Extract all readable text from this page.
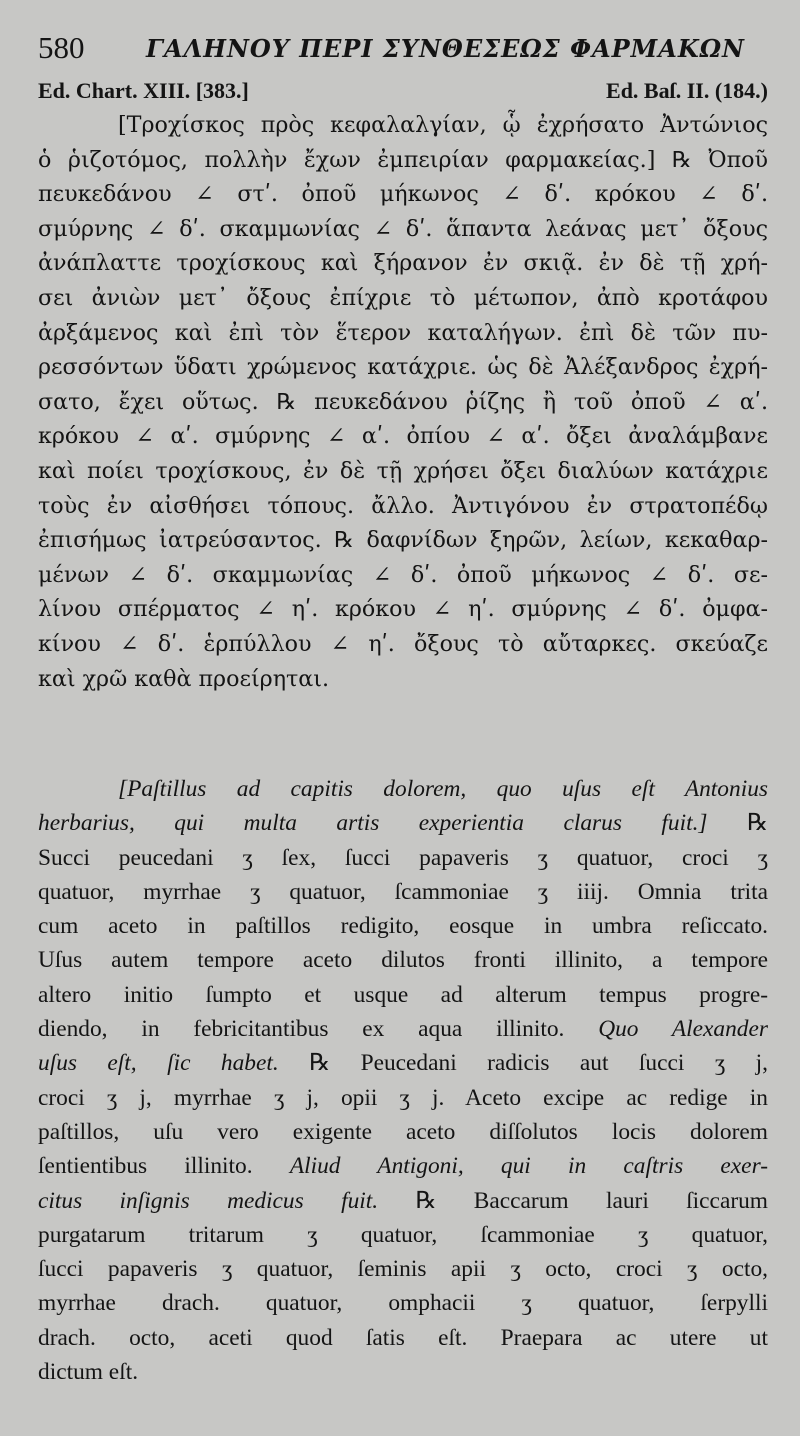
580	ΓΑΛΗΝΟΥ ΠΕΡΙ ΣΥΝΘΕΣΕΩΣ ΦΑΡΜΑΚΩΝ
Ed. Chart. XIII. [383.]	Ed. Baſ. II. (184.)
[Τροχίσκος πρὸς κεφαλαλγίαν, ᾧ ἐχρήσατο Ἀντώνιος
ὁ ῥιζοτόμος, πολλὴν ἔχων ἐμπειρίαν φαρμακείας.] ℞ Ὀποῦ
πευκεδάνου ∠ στʹ. ὀποῦ μήκωνος ∠ δʹ. κρόκου ∠ δʹ.
σμύρνης ∠ δʹ. σκαμμωνίας ∠ δʹ. ἅπαντα λεάνας μετ᾽ ὄξους
ἀνάπλαττε τροχίσκους καὶ ξήρανον ἐν σκιᾷ. ἐν δὲ τῇ χρή-
σει ἀνιὼν μετ᾽ ὄξους ἐπίχριε τὸ μέτωπον, ἀπὸ κροτάφου
ἀρξάμενος καὶ ἐπὶ τὸν ἕτερον καταλήγων. ἐπὶ δὲ τῶν πυ-
ρεσσόντων ὕδατι χρώμενος κατάχριε. ὡς δὲ Ἀλέξανδρος ἐχρή-
σατο, ἔχει οὕτως. ℞ πευκεδάνου ῥίζης ἢ τοῦ ὀποῦ ∠ αʹ.
κρόκου ∠ αʹ. σμύρνης ∠ αʹ. ὀπίου ∠ αʹ. ὄξει ἀναλάμβανε
καὶ ποίει τροχίσκους, ἐν δὲ τῇ χρήσει ὄξει διαλύων κατάχριε
τοὺς ἐν αἰσθήσει τόπους. ἄλλο. Ἀντιγόνου ἐν στρατοπέδῳ
ἐπισήμως ἰατρεύσαντος. ℞ δαφνίδων ξηρῶν, λείων, κεκαθαρ-
μένων ∠ δʹ. σκαμμωνίας ∠ δʹ. ὀποῦ μήκωνος ∠ δʹ. σε-
λίνου σπέρματος ∠ ηʹ. κρόκου ∠ ηʹ. σμύρνης ∠ δʹ. ὀμφα-
κίνου ∠ δʹ. ἑρπύλλου ∠ ηʹ. ὄξους τὸ αὔταρκες. σκεύαζε
καὶ χρῶ καθὰ προείρηται.
[Paſtillus ad capitis dolorem, quo uſus eſt Antonius
herbarius, qui multa artis experientia clarus fuit.] ℞
Succi peucedani ʒ ſex, ſucci papaveris ʒ quatuor, croci ʒ
quatuor, myrrhae ʒ quatuor, ſcammoniae ʒ iiij. Omnia trita
cum aceto in paſtillos redigito, eosque in umbra reſiccato.
Uſus autem tempore aceto dilutos fronti illinito, a tempore
altero initio ſumpto et usque ad alterum tempus progre-
diendo, in febricitantibus ex aqua illinito. Quo Alexander
uſus eſt, ſic habet. ℞ Peucedani radicis aut ſucci ʒ j,
croci ʒ j, myrrhae ʒ j, opii ʒ j. Aceto excipe ac redige in
paſtillos, uſu vero exigente aceto diſſolutos locis dolorem
ſentientibus illinito. Aliud Antigoni, qui in caſtris exer-
citus inſignis medicus fuit. ℞ Baccarum lauri ſiccarum
purgatarum tritarum ʒ quatuor, ſcammoniae ʒ quatuor,
ſucci papaveris ʒ quatuor, ſeminis apii ʒ octo, croci ʒ octo,
myrrhae drach. quatuor, omphacii ʒ quatuor, ſerpylli
drach. octo, aceti quod ſatis eſt. Praepara ac utere ut
dictum eſt.
